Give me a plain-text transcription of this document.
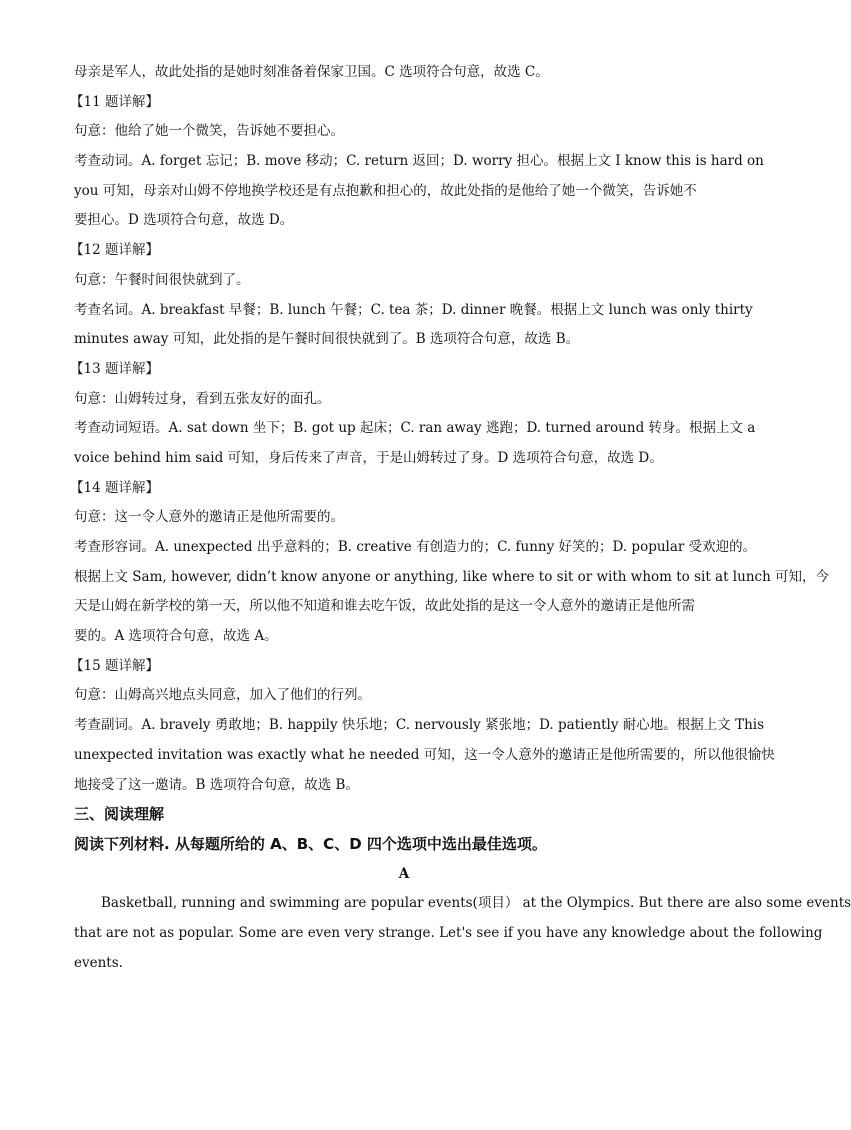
母亲是军人，故此处指的是她时刻准备着保家卫国。C 选项符合句意，故选 C。
【11 题详解】
句意：他给了她一个微笑，告诉她不要担心。
考查动词。A. forget 忘记；B. move 移动；C. return 返回；D. worry 担心。根据上文 I know this is hard on
you 可知，母亲对山姆不停地换学校还是有点抱歉和担心的，故此处指的是他给了她一个微笑，告诉她不
要担心。D 选项符合句意，故选 D。
【12 题详解】
句意：午餐时间很快就到了。
考查名词。A. breakfast 早餐；B. lunch 午餐；C. tea 茶；D. dinner 晚餐。根据上文 lunch was only thirty
minutes away 可知，此处指的是午餐时间很快就到了。B 选项符合句意，故选 B。
【13 题详解】
句意：山姆转过身，看到五张友好的面孔。
考查动词短语。A. sat down 坐下；B. got up 起床；C. ran away 逃跑；D. turned around 转身。根据上文 a
voice behind him said 可知，身后传来了声音，于是山姆转过了身。D 选项符合句意，故选 D。
【14 题详解】
句意：这一令人意外的邀请正是他所需要的。
考查形容词。A. unexpected 出乎意料的；B. creative 有创造力的；C. funny 好笑的；D. popular 受欢迎的。
根据上文 Sam, however, didn’t know anyone or anything, like where to sit or with whom to sit at lunch 可知，今
天是山姆在新学校的第一天，所以他不知道和谁去吃午饭，故此处指的是这一令人意外的邀请正是他所需
要的。A 选项符合句意，故选 A。
【15 题详解】
句意：山姆高兴地点头同意，加入了他们的行列。
考查副词。A. bravely 勇敢地；B. happily 快乐地；C. nervously 紧张地；D. patiently 耐心地。根据上文 This
unexpected invitation was exactly what he needed 可知，这一令人意外的邀请正是他所需要的，所以他很愉快
地接受了这一邀请。B 选项符合句意，故选 B。
三、阅读理解
阅读下列材料. 从每题所给的 A、B、C、D 四个选项中选出最佳选项。
A
Basketball, running and swimming are popular events(项目） at the Olympics. But there are also some events
that are not as popular. Some are even very strange. Let's see if you have any knowledge about the following
events.
